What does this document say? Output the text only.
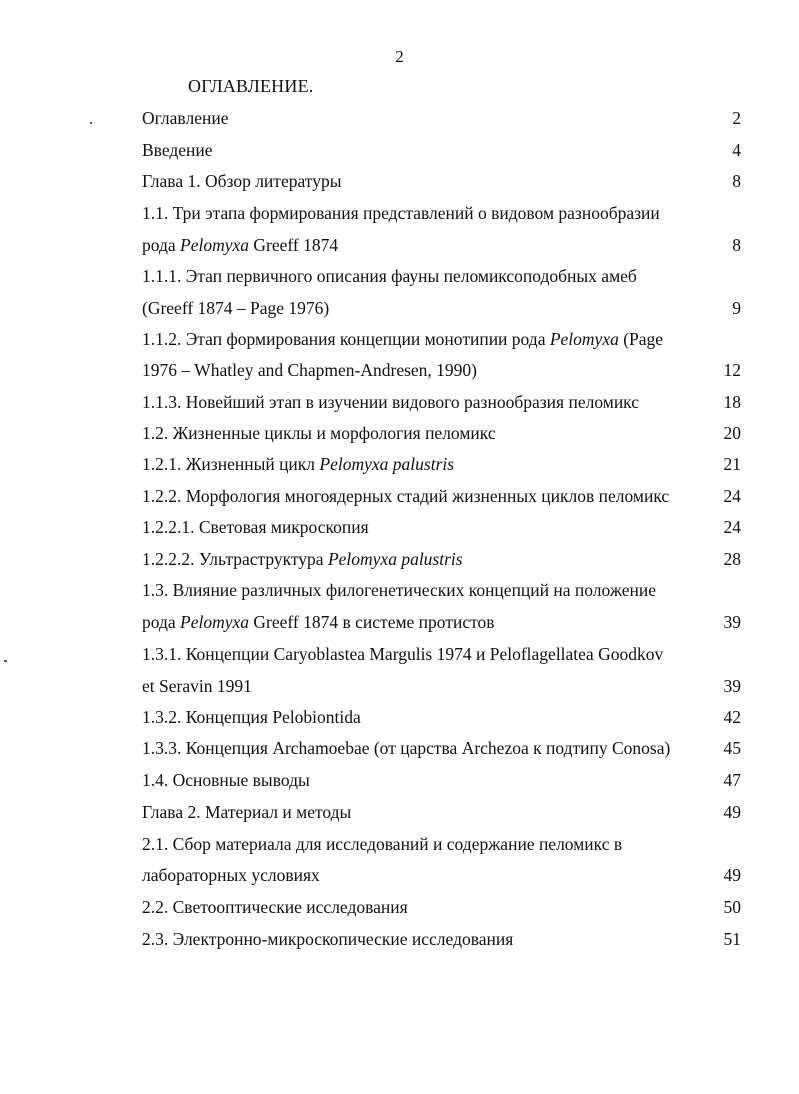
2
ОГЛАВЛЕНИЕ.
Оглавление	2
Введение	4
Глава 1. Обзор литературы	8
1.1. Три этапа формирования представлений о видовом разнообразии
рода Pelomyxa Greeff 1874	8
1.1.1. Этап первичного описания фауны пеломиксоподобных амеб
(Greeff 1874 – Page 1976)	9
1.1.2. Этап формирования концепции монотипии рода Pelomyxa (Page
1976 – Whatley and Chapmen-Andresen, 1990)	12
1.1.3. Новейший этап в изучении видового разнообразия пеломикс	18
1.2. Жизненные циклы и морфология пеломикс	20
1.2.1. Жизненный цикл Pelomyxa palustris	21
1.2.2. Морфология многоядерных стадий жизненных циклов пеломикс	24
1.2.2.1. Световая микроскопия	24
1.2.2.2. Ультраструктура Pelomyxa palustris	28
1.3. Влияние различных филогенетических концепций на положение
рода Pelomyxa Greeff 1874 в системе протистов	39
1.3.1. Концепции Caryoblastea Margulis 1974 и Peloflagellatea Goodkov
et Seravin 1991	39
1.3.2. Концепция Pelobiontida	42
1.3.3. Концепция Archamoebae (от царства Archezoa к подтипу Conosa)	45
1.4. Основные выводы	47
Глава 2. Материал и методы	49
2.1. Сбор материала для исследований и содержание пеломикс в
лабораторных условиях	49
2.2. Светооптические исследования	50
2.3. Электронно-микроскопические исследования	51
